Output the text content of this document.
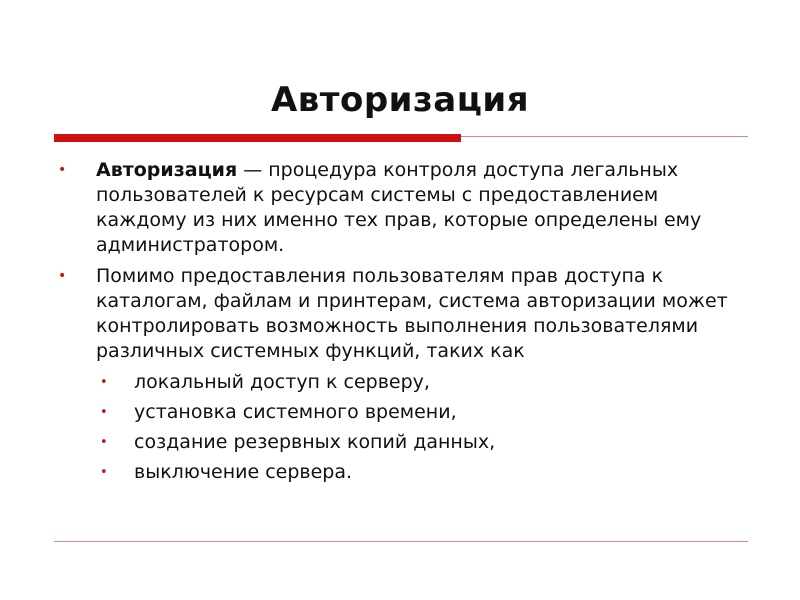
Авторизация
• Авторизация — процедура контроля доступа легальных пользователей к ресурсам системы с предоставлением каждому из них именно тех прав, которые определены ему администратором.
• Помимо предоставления пользователям прав доступа к каталогам, файлам и принтерам, система авторизации может контролировать возможность выполнения пользователями различных системных функций, таких как
• локальный доступ к серверу,
• установка системного времени,
• создание резервных копий данных,
• выключение сервера.
